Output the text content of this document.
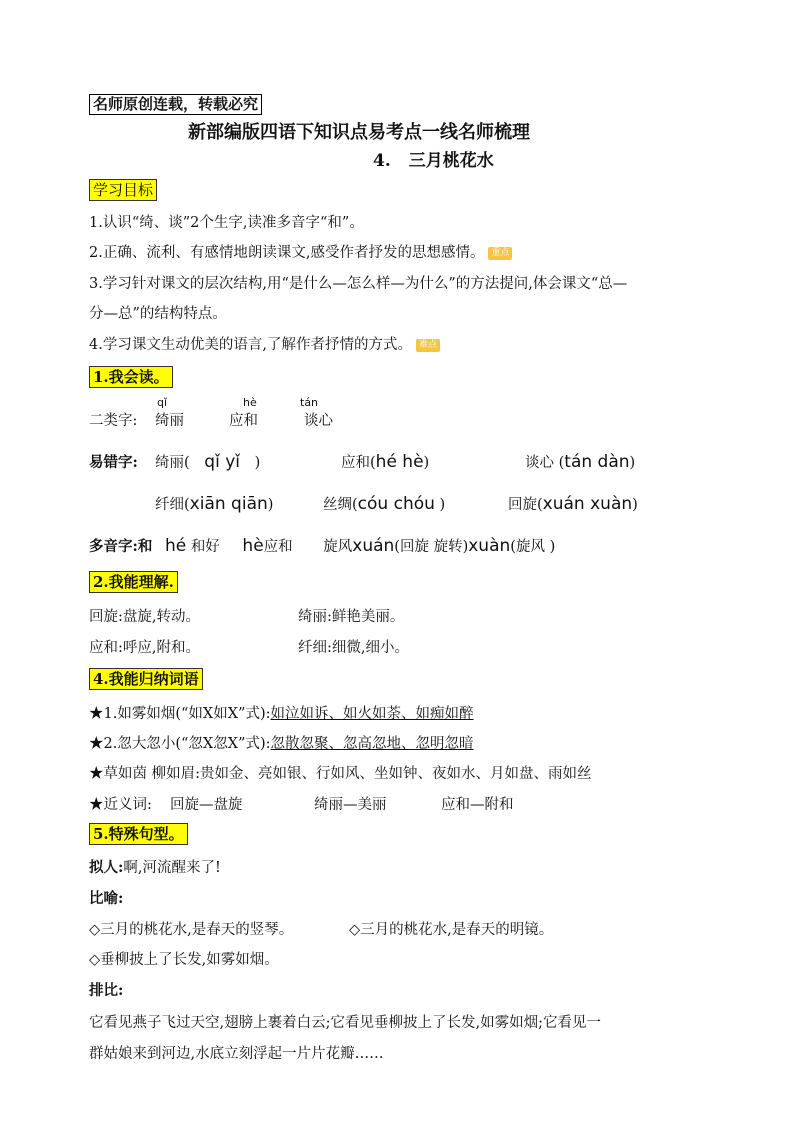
名师原创连载，转载必究
新部编版四语下知识点易考点一线名师梳理
4. 三月桃花水
学习目标
1.认识“绮、谈”2个生字,读准多音字“和”。
2.正确、流利、有感情地朗读课文,感受作者抒发的思想感情。 重点
3.学习针对课文的层次结构,用“是什么—怎么样—为什么”的方法提问,体会课文“总—
分—总”的结构特点。
4.学习课文生动优美的语言,了解作者抒情的方式。 难点
1.我会读。
qǐ	hè	tán
二类字: 绮丽	应和	谈心
易错字: 绮丽( qǐ yǐ )	应和(hé hè)	谈心 (tán dàn)
纤细(xiān qiān)	丝绸(cóu chóu )	回旋(xuán xuàn)
多音字:和 hé 和好 hè应和 旋风xuán(回旋 旋转)xuàn(旋风 )
2.我能理解.
回旋:盘旋,转动。	绮丽:鲜艳美丽。
应和:呼应,附和。	纤细:细微,细小。
4.我能归纳词语
★1.如雾如烟(“如X如X”式):如泣如诉、如火如荼、如痴如醉
★2.忽大忽小(“忽X忽X”式):忽散忽聚、忽高忽地、忽明忽暗
★草如茵 柳如眉:贵如金、亮如银、行如风、坐如钟、夜如水、月如盘、雨如丝
★近义词: 回旋—盘旋	绮丽—美丽	应和—附和
5.特殊句型。
拟人:啊,河流醒来了!
比喻:
◇三月的桃花水,是春天的竖琴。	◇三月的桃花水,是春天的明镜。
◇垂柳披上了长发,如雾如烟。
排比:
它看见燕子飞过天空,翅膀上裹着白云;它看见垂柳披上了长发,如雾如烟;它看见一
群姑娘来到河边,水底立刻浮起一片片花瓣……
